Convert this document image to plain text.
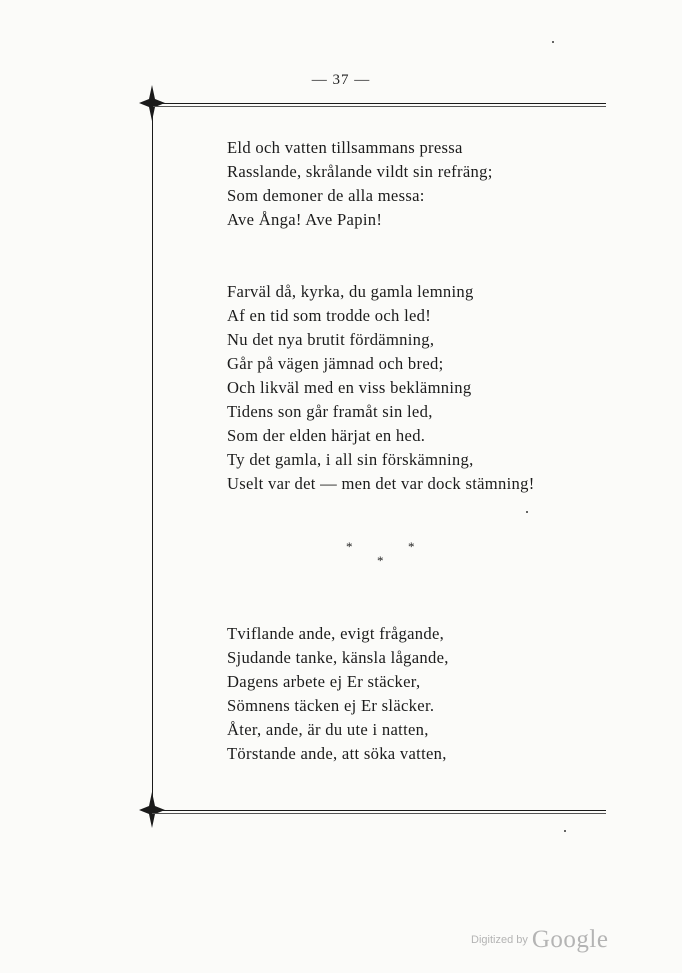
— 37 —
Eld och vatten tillsammans pressa
Rasslande, skrålande vildt sin refräng;
Som demoner de alla messa:
Ave Ånga! Ave Papin!
Farväl då, kyrka, du gamla lemning
Af en tid som trodde och led!
Nu det nya brutit fördämning,
Går på vägen jämnad och bred;
Och likväl med en viss beklämning
Tidens son går framåt sin led,
Som der elden härjat en hed.
Ty det gamla, i all sin förskämning,
Uselt var det — men det var dock stämning!
*	*
*
Tviflande ande, evigt frågande,
Sjudande tanke, känsla lågande,
Dagens arbete ej Er stäcker,
Sömnens täcken ej Er släcker.
Åter, ande, är du ute i natten,
Törstande ande, att söka vatten,
Digitized by Google
